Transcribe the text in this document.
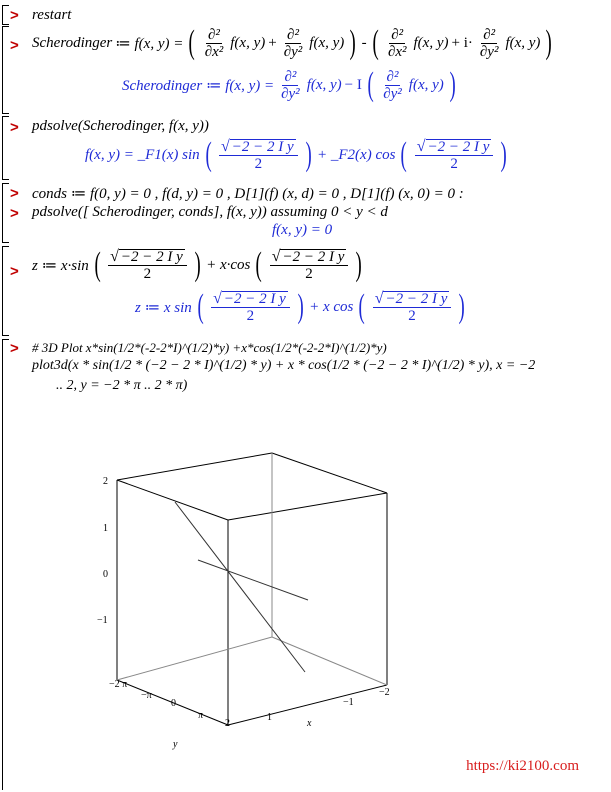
> restart
> Scherodinger ≔ f(x, y) = ( $\frac{\text{∂²}}{\text{∂x²}} f(x$, $y) + \frac{\text{∂²}}{\text{∂y²}} f(x$, y) ) - ( $\frac{\text{∂²}}{\text{∂x²}} f(x$, $y) + i\cdot \frac{\text{∂²}}{\text{∂y²}} f(x$, y) )
Scherodinger ≔ f(x, $y) = \frac{\text{∂²}}{\text{∂y²}} f(x$, y) − I ( $\frac{\text{∂²}}{\text{∂y²}} f(x$, y) )
> pdsolve(Scherodinger, f(x, y))
f(x, y) = _F1(x) sin ( $\frac{\text{√ −2 − 2 I y}}{2}$ ) + _F2(x) cos ( $\frac{\text{√ −2 − 2 I y}}{2}$ )
> conds ≔ f(0, y) = 0 , f(d, y) = 0 , D[1](f) (x, d) = 0 , D[1](f) (x, 0) = 0 :
> pdsolve([ Scherodinger, conds], f(x, y)) assuming 0 < y < d
f(x, y) = 0
> z ≔ x·sin ( $\frac{\text{√ −2 − 2 I y}}{2}$ ) + x·cos ( $\frac{\text{√ −2 − 2 I y}}{2}$ )
z ≔ x sin ( $\frac{\text{√ −2 − 2 I y}}{2}$ ) + x cos ( $\frac{\text{√ −2 − 2 I y}}{2}$ )
> # 3D Plot x*sin(1/2*(-2-2*I)^(1/2)*y) +x*cos(1/2*(-2-2*I)^(1/2)*y)
plot3d(x * sin(1/2 * (−2 − 2 * I)^(1/2) * y) + x * cos(1/2 * (−2 − 2 * I)^(1/2) * y), x = −2
.. 2, y = −2 * π .. 2 * π)
2
1
0
−1
−2 π
−π
0
π
2
y
1
x
−1
−2
https://ki2100.com
